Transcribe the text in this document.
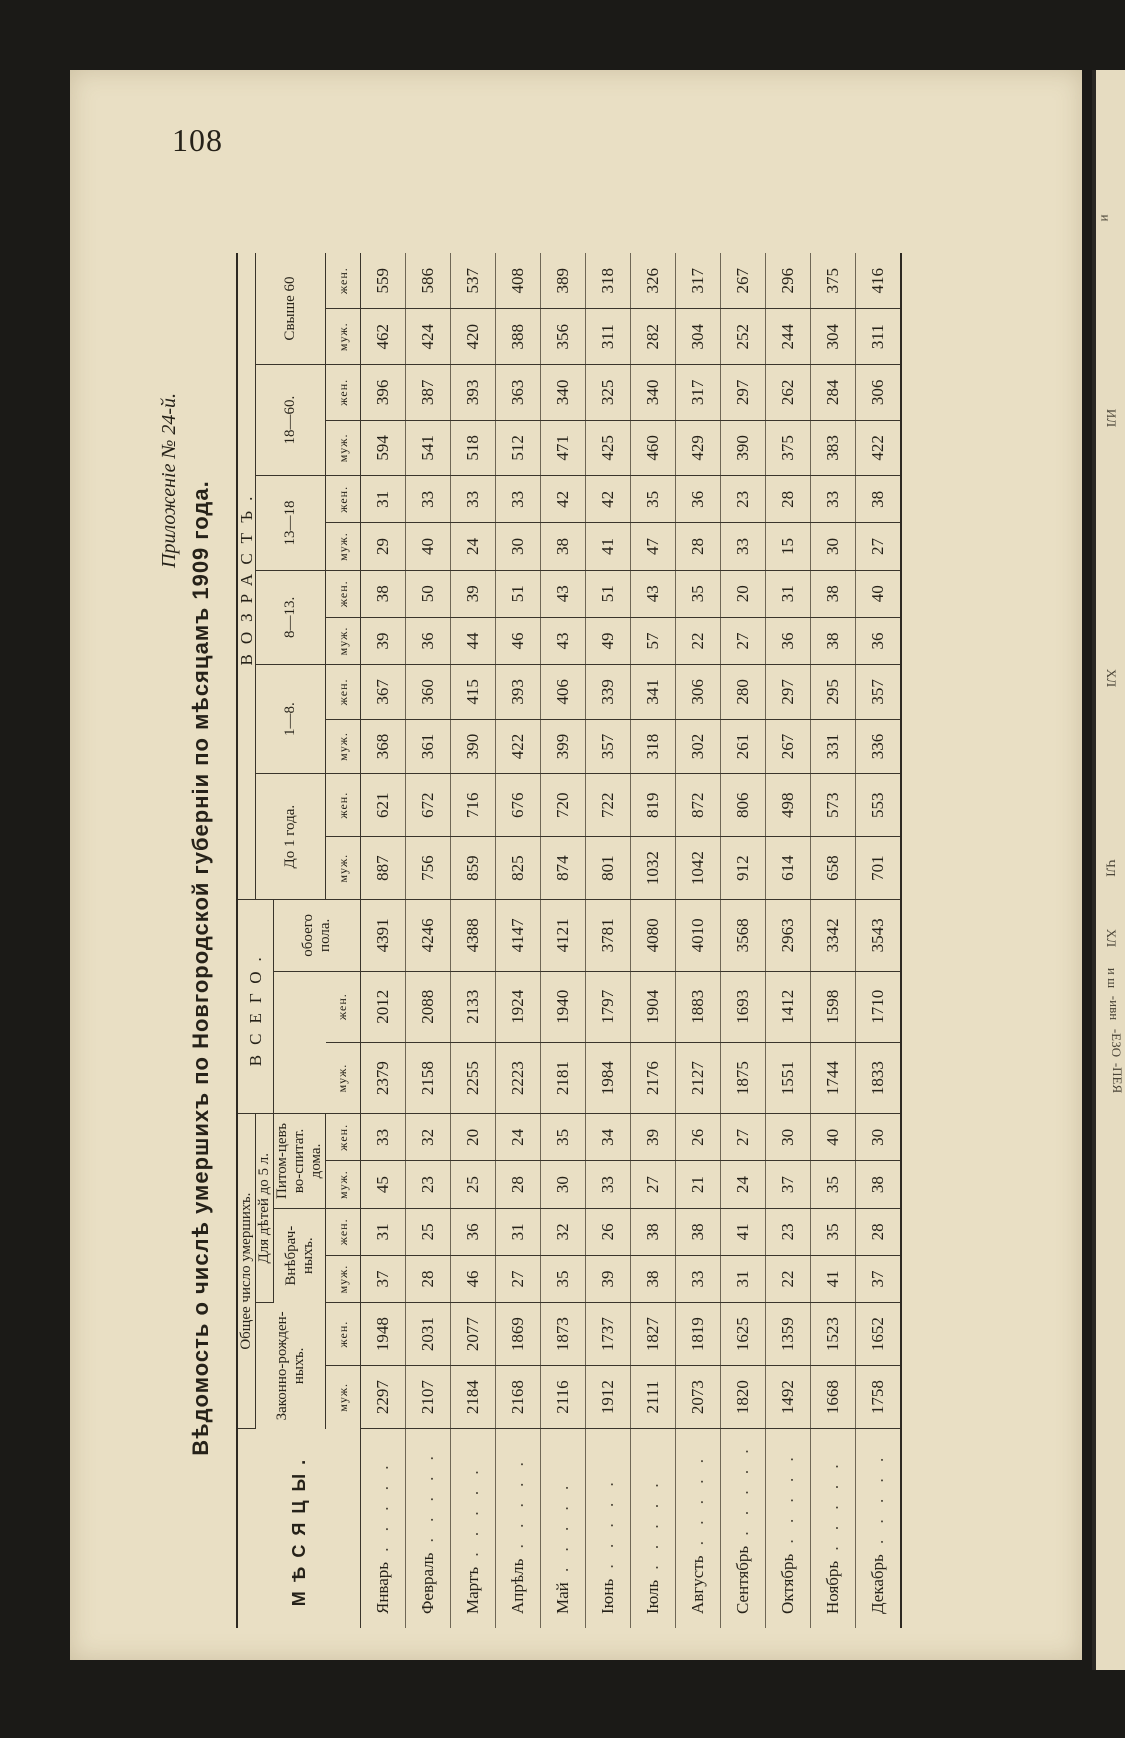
108
Приложеніе № 24-й. Вѣдомость о числѣ умершихъ по Новгородской губерніи по мѣсяцамъ 1909 года.
МѢСЯЦЫ.	Общее число умершихъ.						ВСЕГО.			ВОЗРАСТЪ.											
	Законно-рожден-ныхъ.		Для дѣтей до 5 л.							До 1 года.		1—8.		8—13.		13—18		18—60.		Свыше 60	
			Внѣбрач-ныхъ.		Питом-цевъ во-спитат. дома.				обоего пола.												
	муж.	жен.	муж.	жен.	муж.	жен.	муж.	жен.		муж.	жен.	муж.	жен.	муж.	жен.	муж.	жен.	муж.	жен.	муж.	жен.
Январь . . . . .	2297	1948	37	31	45	33	2379	2012	4391	887	621	368	367	39	38	29	31	594	396	462	559
Февраль . . . . .	2107	2031	28	25	23	32	2158	2088	4246	756	672	361	360	36	50	40	33	541	387	424	586
Мартъ . . . . .	2184	2077	46	36	25	20	2255	2133	4388	859	716	390	415	44	39	24	33	518	393	420	537
Апрѣль . . . . .	2168	1869	27	31	28	24	2223	1924	4147	825	676	422	393	46	51	30	33	512	363	388	408
Май . . . . .	2116	1873	35	32	30	35	2181	1940	4121	874	720	399	406	43	43	38	42	471	340	356	389
Іюнь . . . . .	1912	1737	39	26	33	34	1984	1797	3781	801	722	357	339	49	51	41	42	425	325	311	318
Іюль . . . . .	2111	1827	38	38	27	39	2176	1904	4080	1032	819	318	341	57	43	47	35	460	340	282	326
Августь . . . . .	2073	1819	33	38	21	26	2127	1883	4010	1042	872	302	306	22	35	28	36	429	317	304	317
Сентябрь . . . . .	1820	1625	31	41	24	27	1875	1693	3568	912	806	261	280	27	20	33	23	390	297	252	267
Октябрь . . . . .	1492	1359	22	23	37	30	1551	1412	2963	614	498	267	297	36	31	15	28	375	262	244	296
Ноябрь . . . . .	1668	1523	41	35	35	40	1744	1598	3342	658	573	331	295	38	38	30	33	383	284	304	375
Декабрь . . . . .	1758	1652	37	28	38	30	1833	1710	3543	701	553	336	357	36	40	27	38	422	306	311	416
и
ИЛ
ХЛ
ЧЛ
ХЛ
и ш
-ивн
-ЕЗО
-ПЕЯ
